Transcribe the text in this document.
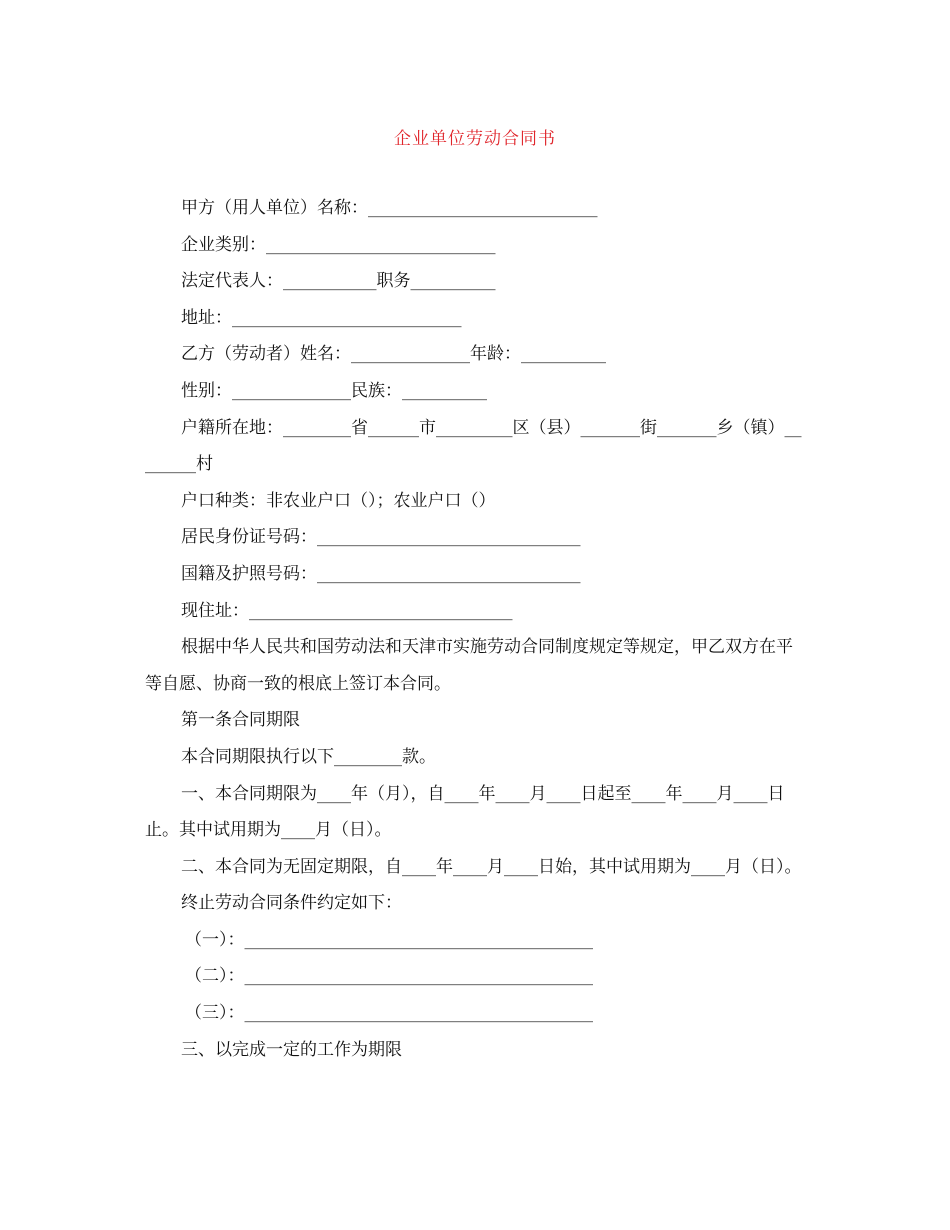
企业单位劳动合同书

甲方（用人单位）名称：___________________________

企业类别：___________________________

法定代表人：___________职务__________

地址：___________________________

乙方（劳动者）姓名：______________年龄：__________

性别：______________民族：__________

户籍所在地：________省______市_________区（县）_______街_______乡（镇）________村

户口种类：非农业户口（）；农业户口（）

居民身份证号码：_______________________________

国籍及护照号码：_______________________________

现住址：_______________________________

根据中华人民共和国劳动法和天津市实施劳动合同制度规定等规定，甲乙双方在平等自愿、协商一致的根底上签订本合同。

第一条合同期限

本合同期限执行以下________款。

一、本合同期限为____年（月），自____年____月____日起至____年____月____日止。其中试用期为____月（日）。

二、本合同为无固定期限，自____年____月____日始，其中试用期为____月（日）。

终止劳动合同条件约定如下：

（一）：_________________________________________

（二）：_________________________________________

（三）：_________________________________________

三、以完成一定的工作为期限
